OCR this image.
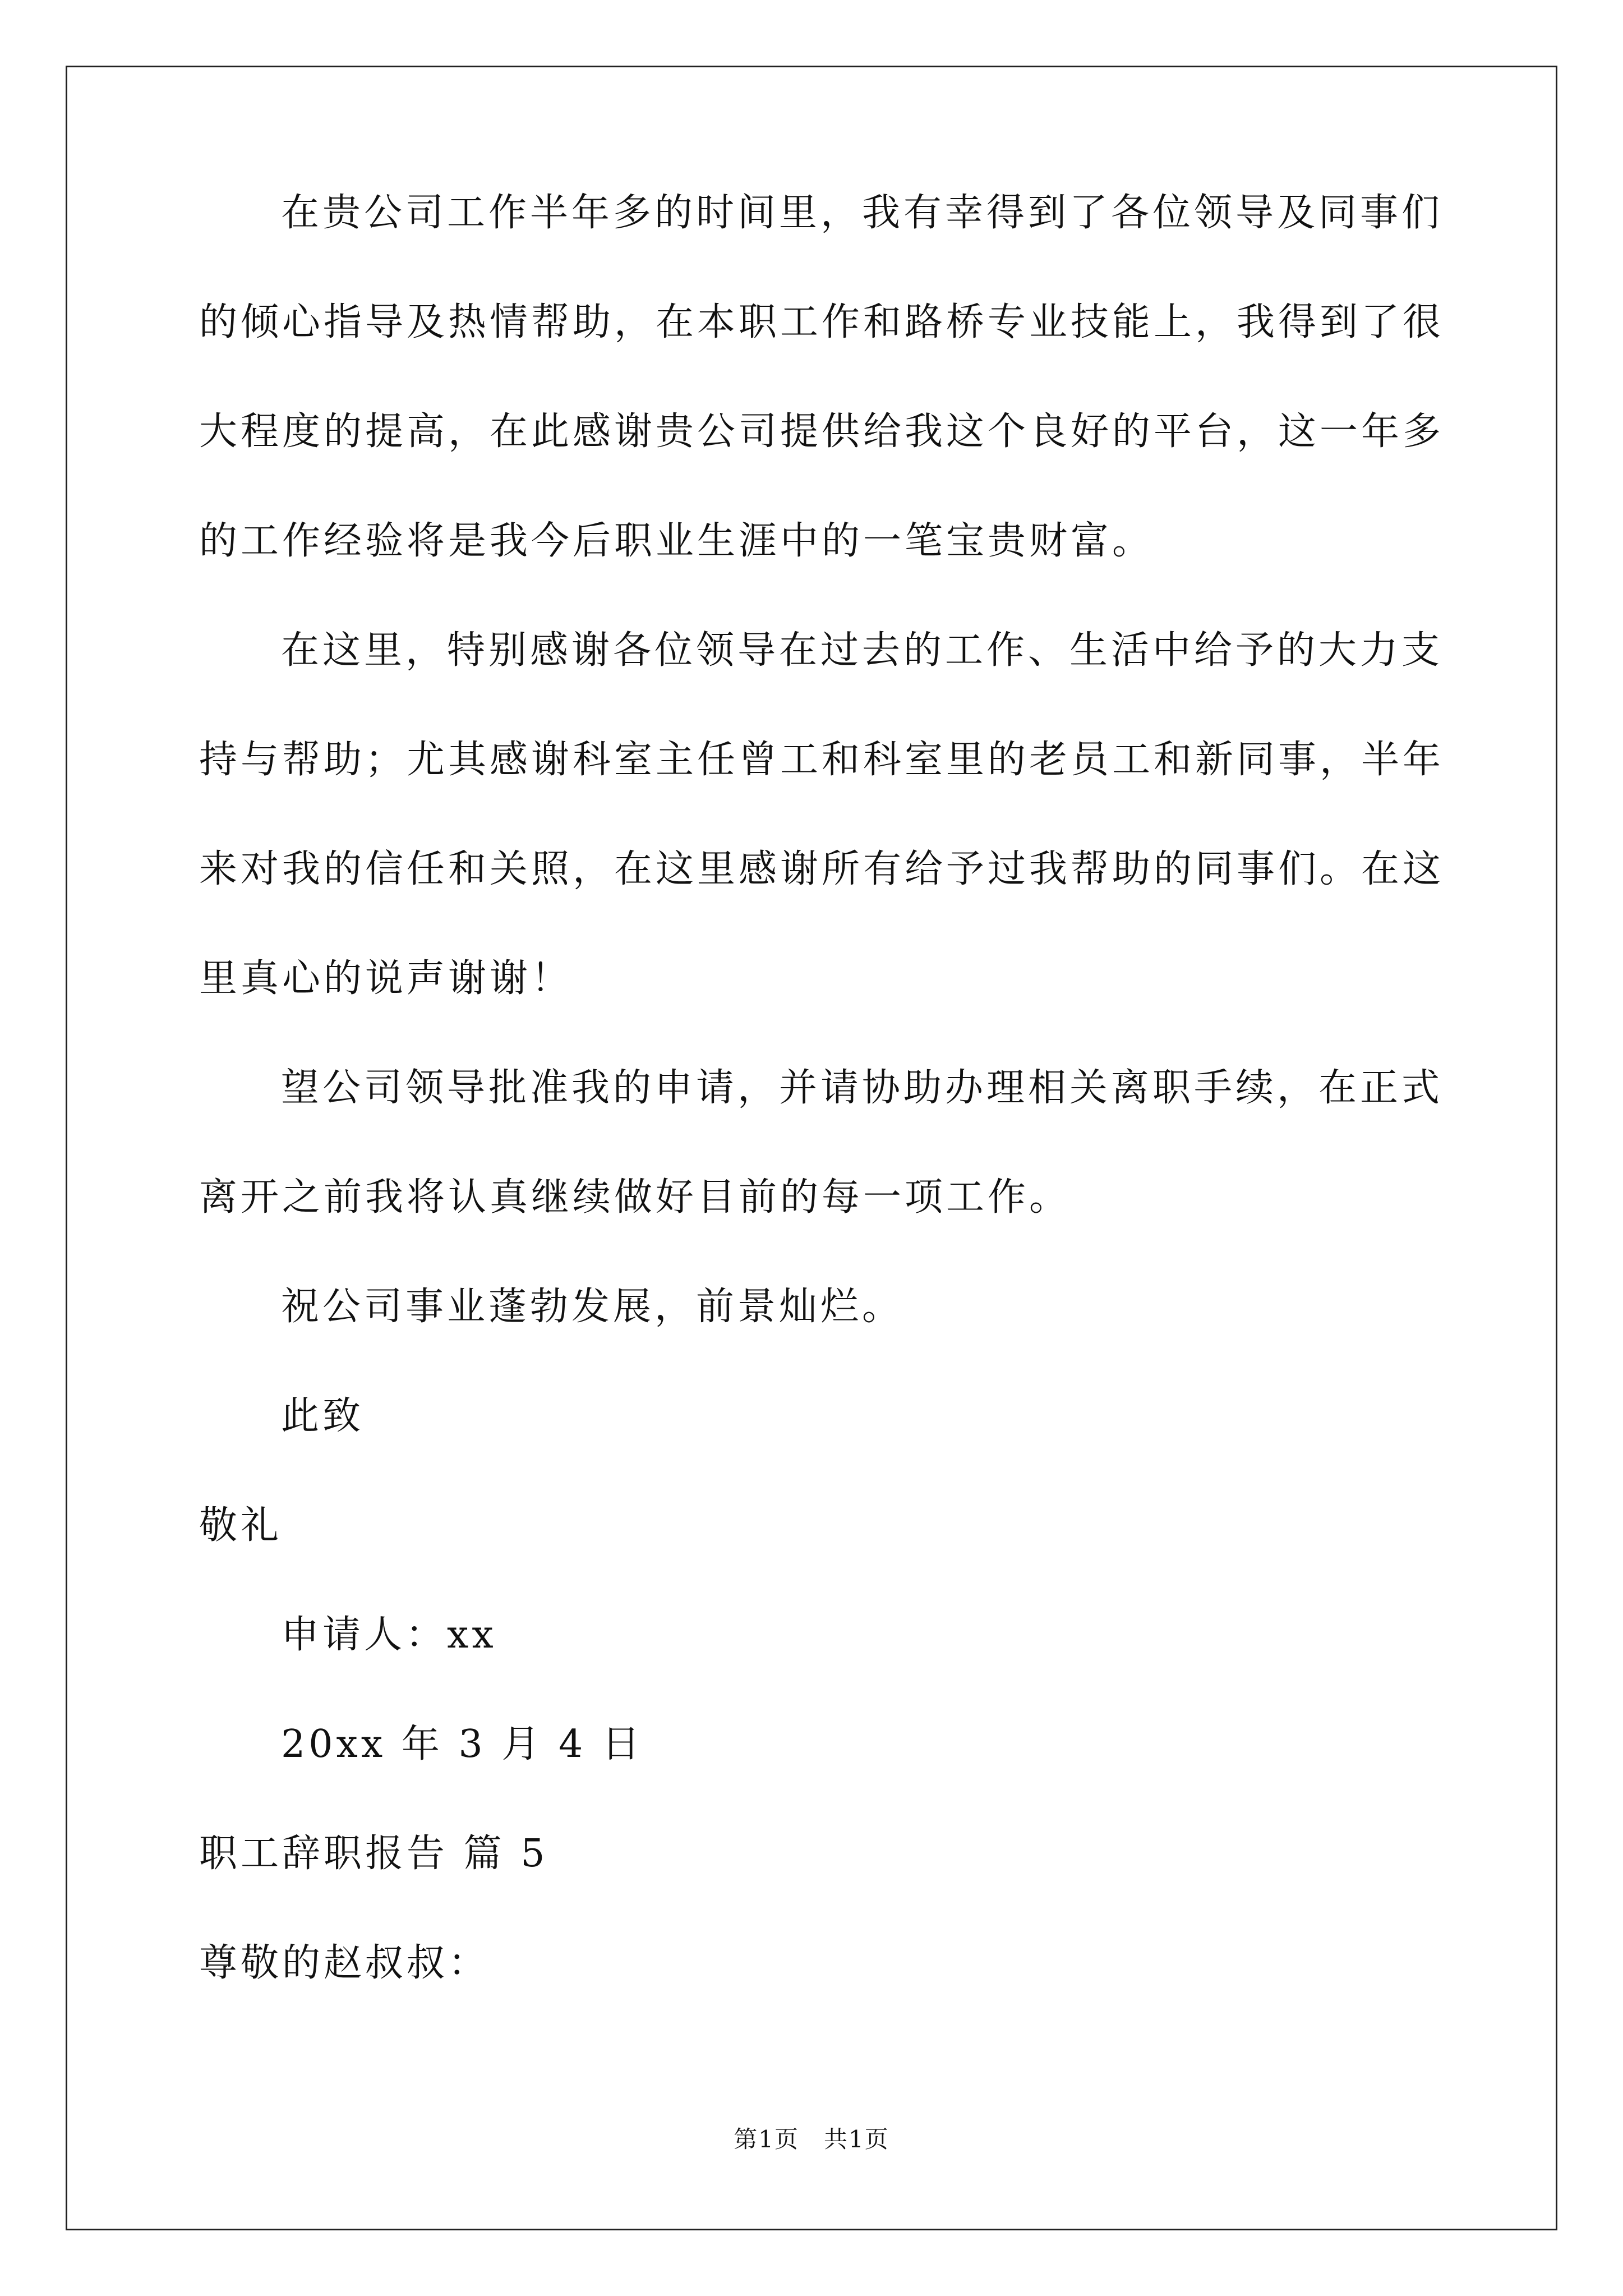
在贵公司工作半年多的时间里，我有幸得到了各位领导及同事们
的倾心指导及热情帮助，在本职工作和路桥专业技能上，我得到了很
大程度的提高，在此感谢贵公司提供给我这个良好的平台，这一年多
的工作经验将是我今后职业生涯中的一笔宝贵财富。
在这里，特别感谢各位领导在过去的工作、生活中给予的大力支
持与帮助；尤其感谢科室主任曾工和科室里的老员工和新同事，半年
来对我的信任和关照，在这里感谢所有给予过我帮助的同事们。在这
里真心的说声谢谢！
望公司领导批准我的申请，并请协助办理相关离职手续，在正式
离开之前我将认真继续做好目前的每一项工作。
祝公司事业蓬勃发展，前景灿烂。
此致
敬礼
申请人：xx
20xx 年 3 月 4 日
职工辞职报告 篇 5
尊敬的赵叔叔：
第1页　共1页
